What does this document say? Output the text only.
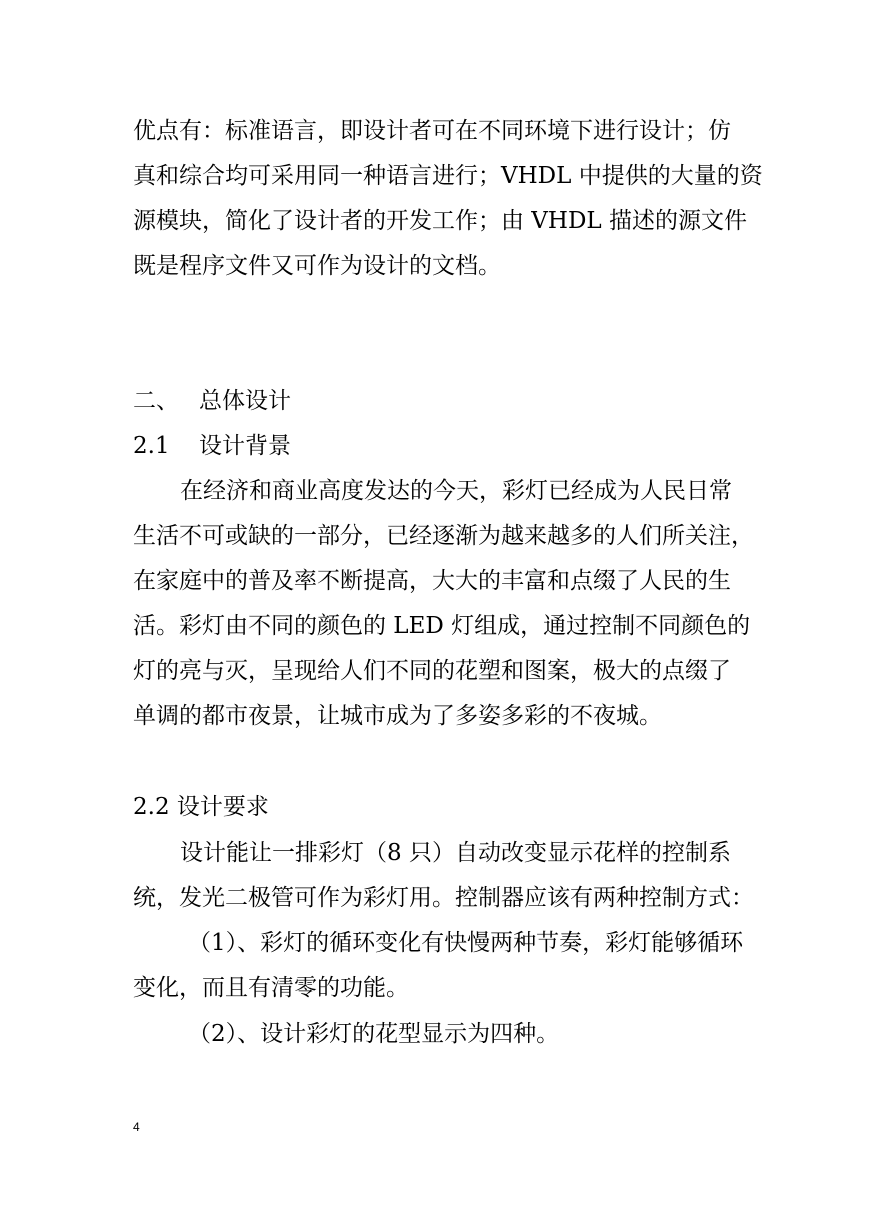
优点有：标准语言，即设计者可在不同环境下进行设计；仿

真和综合均可采用同一种语言进行；VHDL 中提供的大量的资

源模块，简化了设计者的开发工作；由 VHDL 描述的源文件

既是程序文件又可作为设计的文档。

二、 总体设计

2.1 设计背景

在经济和商业高度发达的今天，彩灯已经成为人民日常

生活不可或缺的一部分，已经逐渐为越来越多的人们所关注，

在家庭中的普及率不断提高，大大的丰富和点缀了人民的生

活。彩灯由不同的颜色的 LED 灯组成，通过控制不同颜色的

灯的亮与灭，呈现给人们不同的花塑和图案，极大的点缀了

单调的都市夜景，让城市成为了多姿多彩的不夜城。

2.2 设计要求

设计能让一排彩灯（8 只）自动改变显示花样的控制系

统，发光二极管可作为彩灯用。控制器应该有两种控制方式：

（1）、彩灯的循环变化有快慢两种节奏，彩灯能够循环

变化，而且有清零的功能。

（2）、设计彩灯的花型显示为四种。

4
